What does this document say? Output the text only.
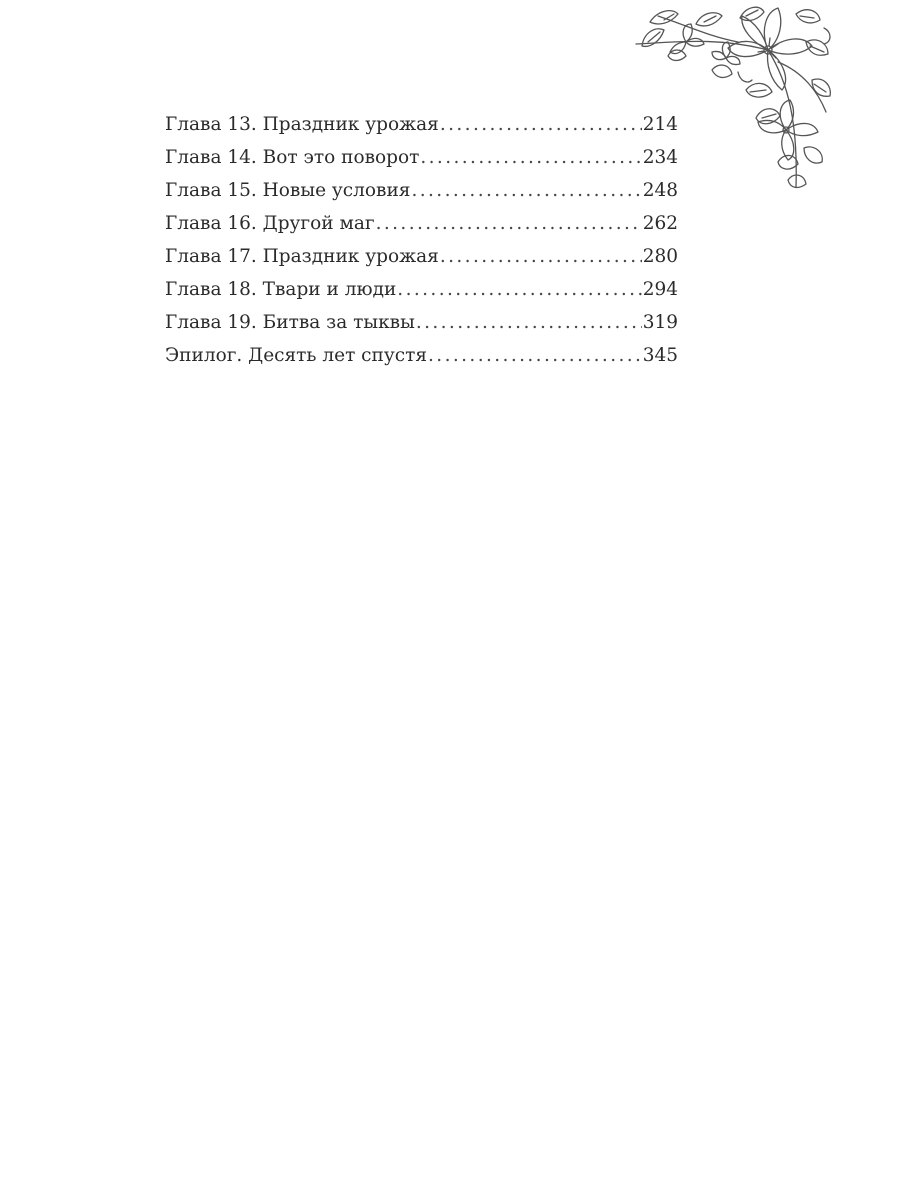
Глава 13. Праздник урожая .....	214
Глава 14. Вот это поворот .....	234
Глава 15. Новые условия .....	248
Глава 16. Другой маг .....	262
Глава 17. Праздник урожая .....	280
Глава 18. Твари и люди .....	294
Глава 19. Битва за тыквы .....	319
Эпилог. Десять лет спустя .....	345
